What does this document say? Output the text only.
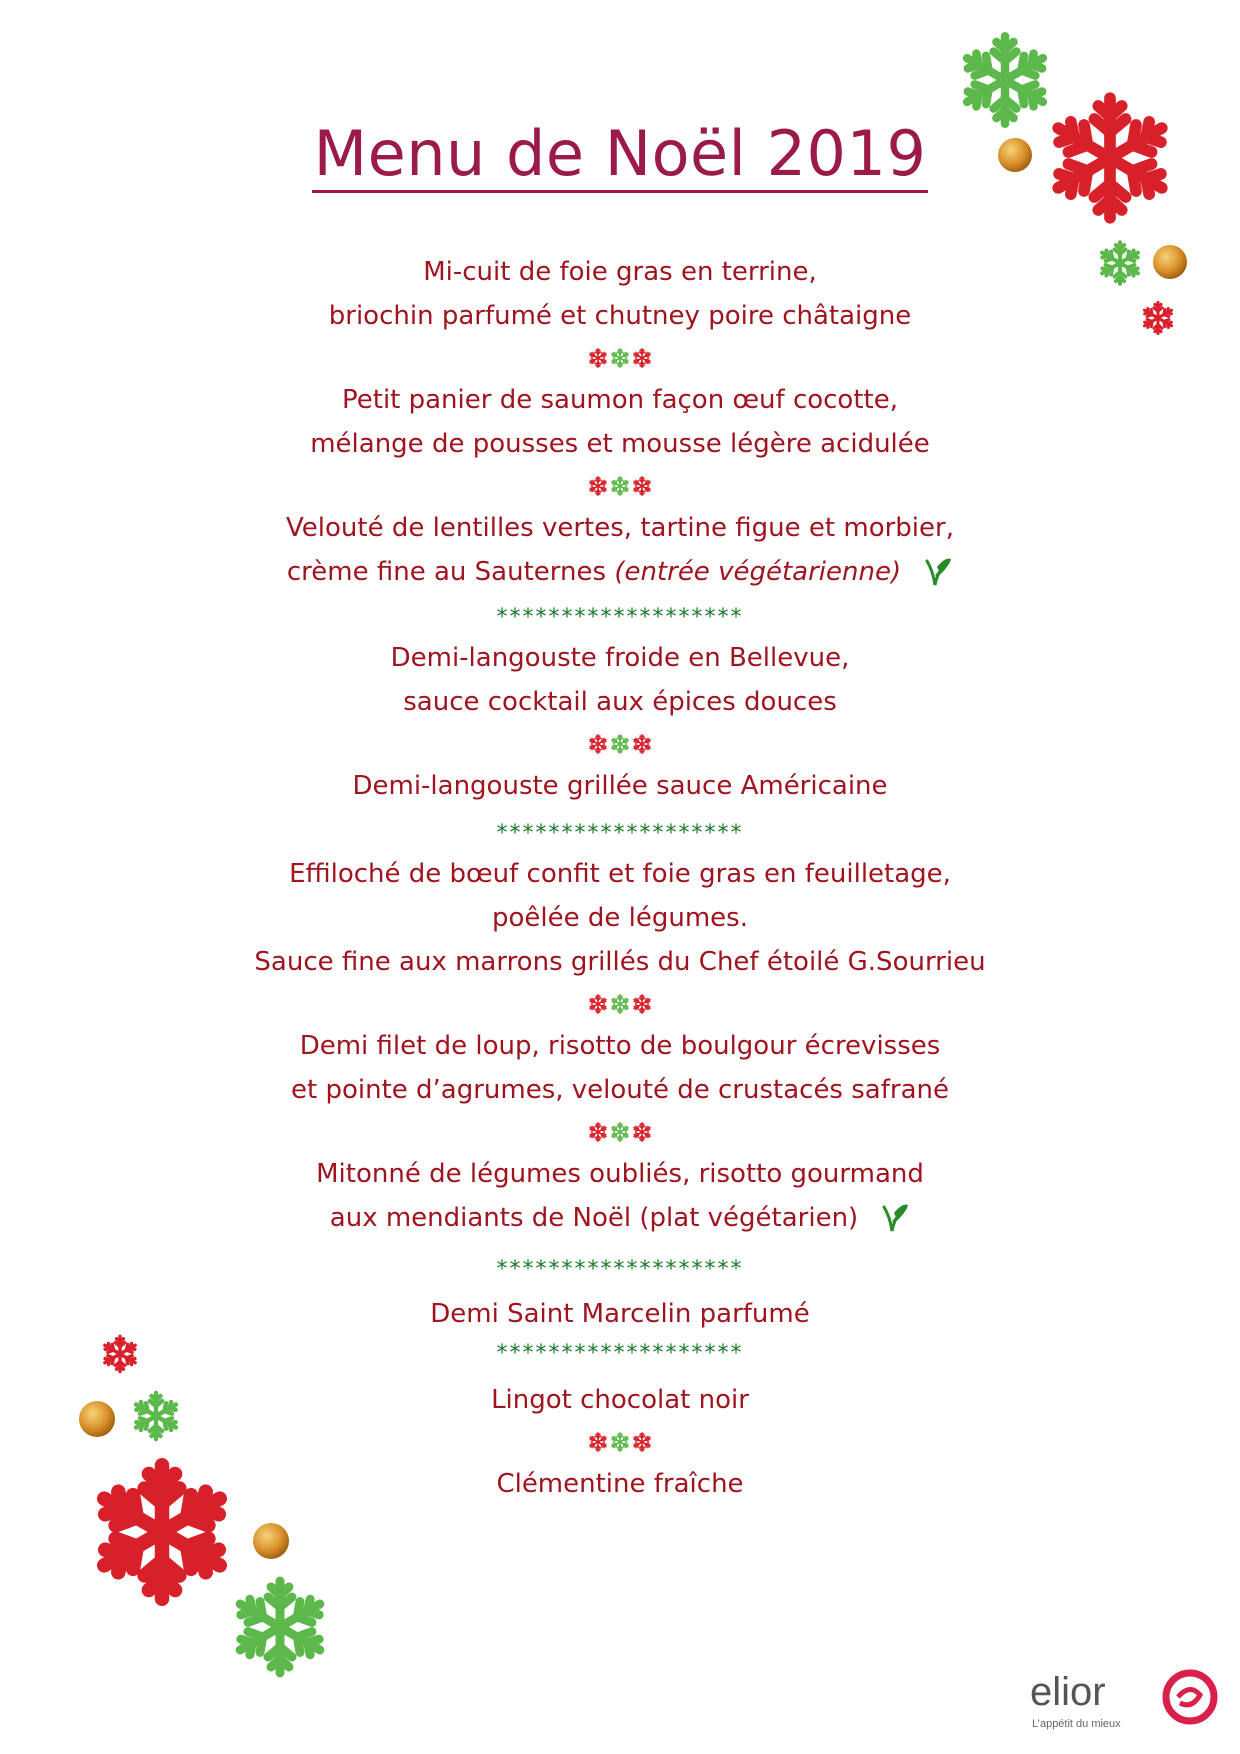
Menu de Noël 2019
Mi-cuit de foie gras en terrine,
briochin parfumé et chutney poire châtaigne
Petit panier de saumon façon œuf cocotte,
mélange de pousses et mousse légère acidulée
Velouté de lentilles vertes, tartine figue et morbier,
crème fine au Sauternes (entrée végétarienne)
*******************
Demi-langouste froide en Bellevue,
sauce cocktail aux épices douces
Demi-langouste grillée sauce Américaine
*******************
Effiloché de bœuf confit et foie gras en feuilletage,
poêlée de légumes.
Sauce fine aux marrons grillés du Chef étoilé G.Sourrieu
Demi filet de loup, risotto de boulgour écrevisses
et pointe d’agrumes, velouté de crustacés safrané
Mitonné de légumes oubliés, risotto gourmand
aux mendiants de Noël (plat végétarien)
*******************
Demi Saint Marcelin parfumé
*******************
Lingot chocolat noir
Clémentine fraîche
elior
L’appétit du mieux
